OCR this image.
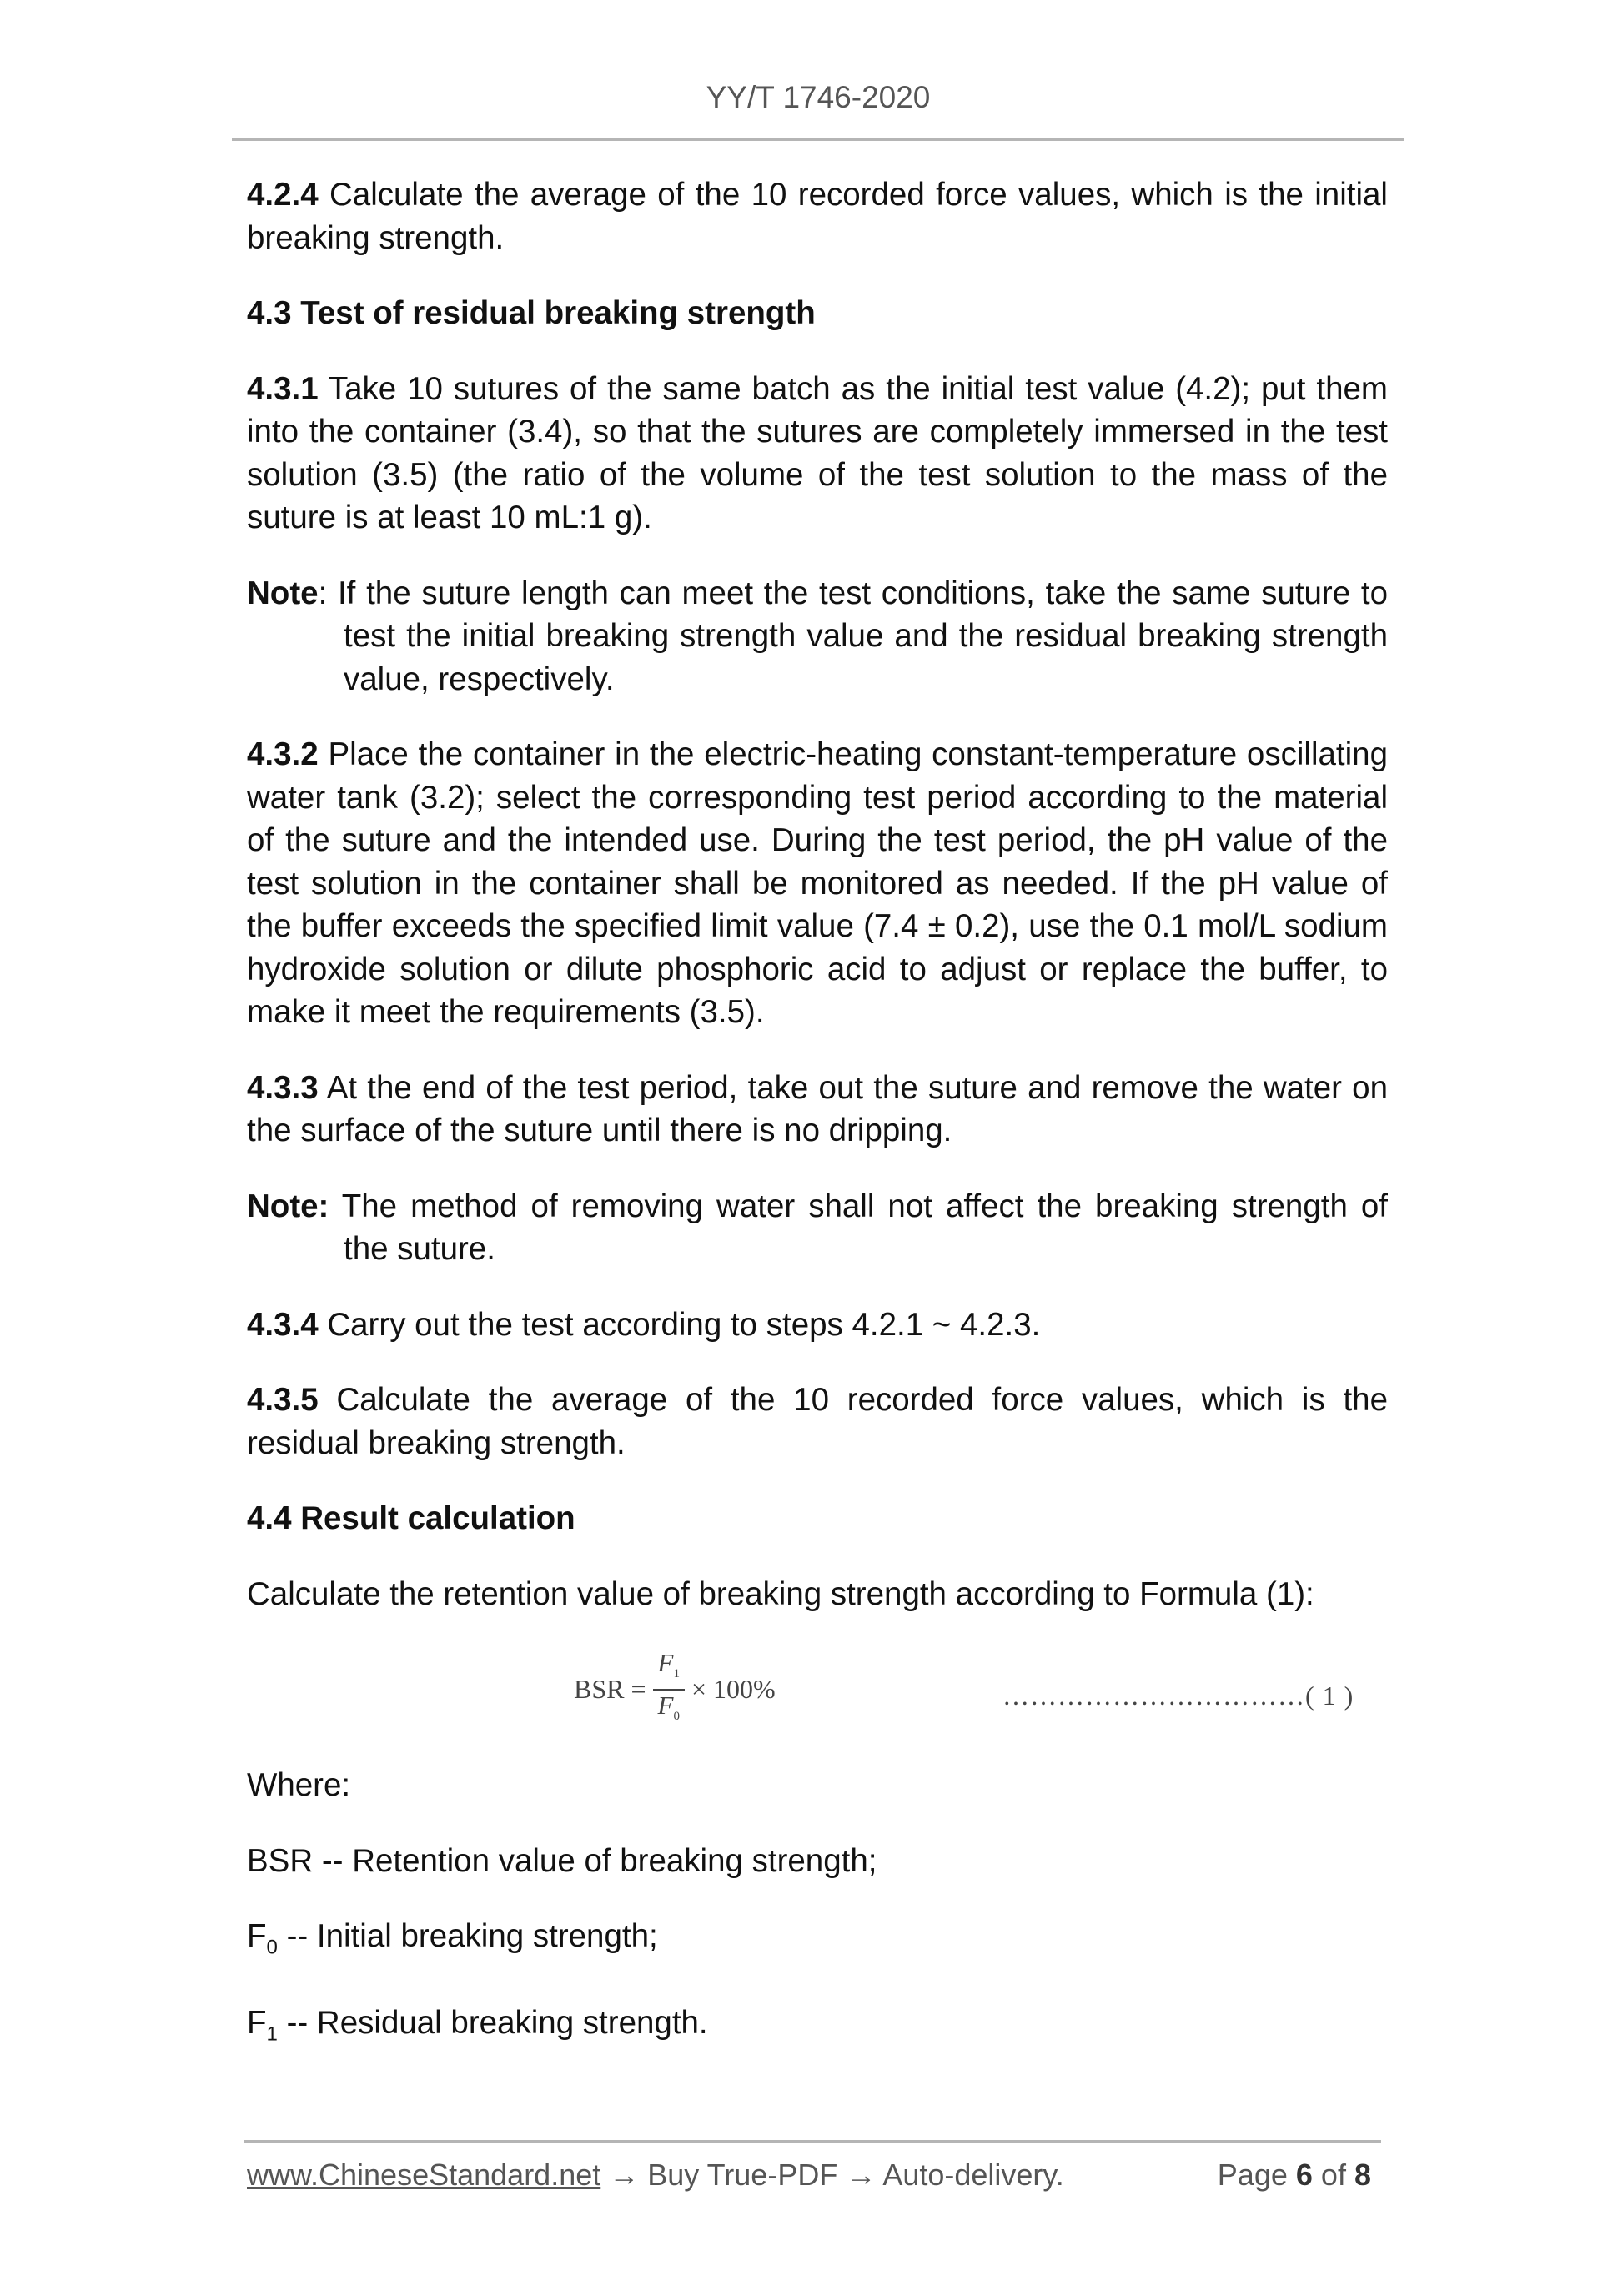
YY/T 1746-2020

4.2.4 Calculate the average of the 10 recorded force values, which is the initial breaking strength.

4.3 Test of residual breaking strength

4.3.1 Take 10 sutures of the same batch as the initial test value (4.2); put them into the container (3.4), so that the sutures are completely immersed in the test solution (3.5) (the ratio of the volume of the test solution to the mass of the suture is at least 10 mL:1 g).

Note: If the suture length can meet the test conditions, take the same suture to test the initial breaking strength value and the residual breaking strength value, respectively.

4.3.2 Place the container in the electric-heating constant-temperature oscillating water tank (3.2); select the corresponding test period according to the material of the suture and the intended use. During the test period, the pH value of the test solution in the container shall be monitored as needed. If the pH value of the buffer exceeds the specified limit value (7.4 ± 0.2), use the 0.1 mol/L sodium hydroxide solution or dilute phosphoric acid to adjust or replace the buffer, to make it meet the requirements (3.5).

4.3.3 At the end of the test period, take out the suture and remove the water on the surface of the suture until there is no dripping.

Note: The method of removing water shall not affect the breaking strength of the suture.

4.3.4 Carry out the test according to steps 4.2.1 ~ 4.2.3.

4.3.5 Calculate the average of the 10 recorded force values, which is the residual breaking strength.

4.4 Result calculation

Calculate the retention value of breaking strength according to Formula (1):

BSR = $\frac{F_1}{F_0} \times 100\%$	……………………………( 1 )

Where:

BSR -- Retention value of breaking strength;

$F_0$ -- Initial breaking strength;

$F_1$ -- Residual breaking strength.

www.ChineseStandard.net → Buy True-PDF → Auto-delivery.	Page 6 of 8
